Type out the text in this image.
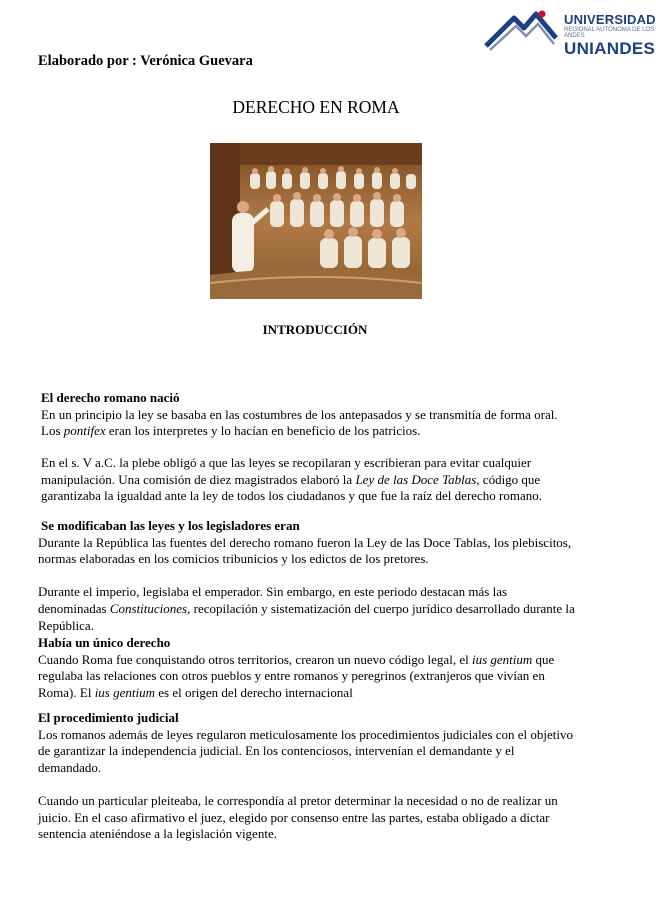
UNIVERSIDAD
REGIONAL AUTÓNOMA DE LOS ANDES
UNIANDES
Elaborado por : Verónica Guevara
DERECHO EN ROMA
INTRODUCCIÓN

El derecho romano nació

En un principio la ley se basaba en las costumbres de los antepasados y se transmitía de forma oral.

Los pontifex eran los interpretes y lo hacían en beneficio de los patricios.

En el s. V a.C. la plebe obligó a que las leyes se recopilaran y escribieran para evitar cualquier manipulación. Una comisión de diez magistrados elaboró la Ley de las Doce Tablas, código que garantizaba la igualdad ante la ley de todos los ciudadanos y que fue la raíz del derecho romano.

Se modificaban las leyes y los legisladores eran

Durante la República las fuentes del derecho romano fueron la Ley de las Doce Tablas, los plebiscitos, normas elaboradas en los comicios tribunicios y los edictos de los pretores.

Durante el imperio, legislaba el emperador. Sin embargo, en este periodo destacan más las denominadas Constituciones, recopilación y sistematización del cuerpo jurídico desarrollado durante la República.

Había un único derecho

Cuando Roma fue conquistando otros territorios, crearon un nuevo código legal, el ius gentium que regulaba las relaciones con otros pueblos y entre romanos y peregrinos (extranjeros que vivían en Roma). El ius gentium es el origen del derecho internacional

El procedimiento judicial

Los romanos además de leyes regularon meticulosamente los procedimientos judiciales con el objetivo de garantizar la independencia judicial. En los contenciosos, intervenían el demandante y el demandado.

Cuando un particular pleiteaba, le correspondía al pretor determinar la necesidad o no de realizar un juicio. En el caso afirmativo el juez, elegido por consenso entre las partes, estaba obligado a dictar sentencia ateniéndose a la legislación vigente.
